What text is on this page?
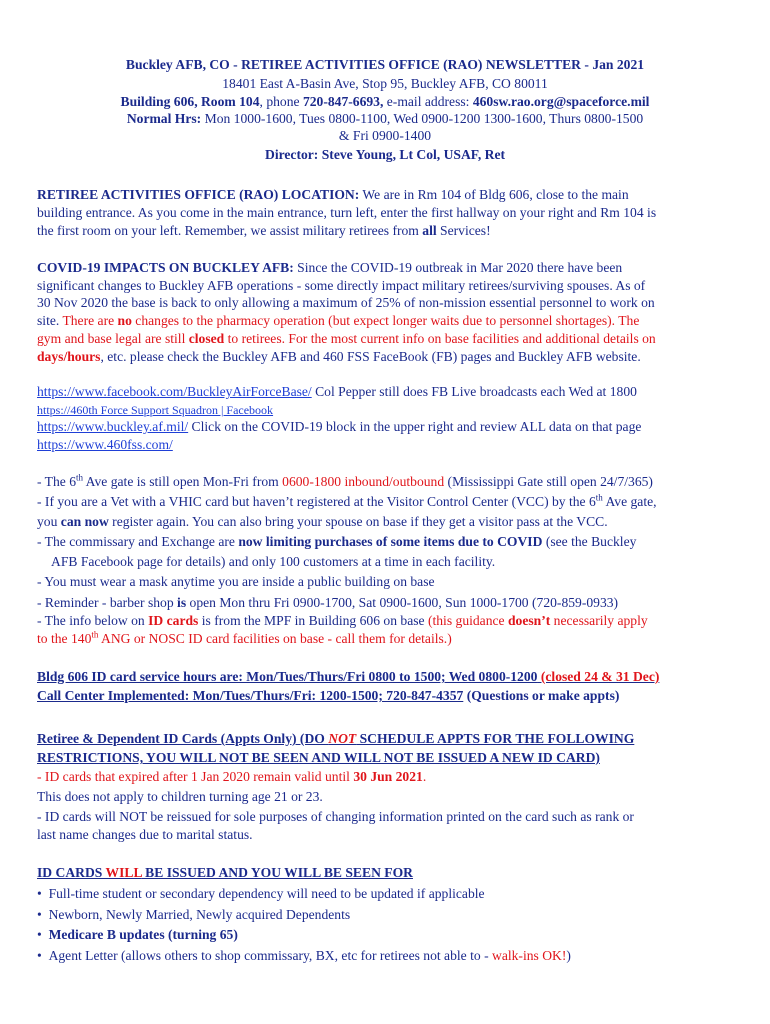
Buckley AFB, CO - RETIREE ACTIVITIES OFFICE (RAO) NEWSLETTER - Jan 2021
18401 East A-Basin Ave, Stop 95, Buckley AFB, CO 80011
Building 606, Room 104, phone 720-847-6693, e-mail address: 460sw.rao.org@spaceforce.mil
Normal Hrs: Mon 1000-1600, Tues 0800-1100, Wed 0900-1200 1300-1600, Thurs 0800-1500
& Fri 0900-1400
Director: Steve Young, Lt Col, USAF, Ret
RETIREE ACTIVITIES OFFICE (RAO) LOCATION: We are in Rm 104 of Bldg 606, close to the main
building entrance. As you come in the main entrance, turn left, enter the first hallway on your right and Rm 104 is
the first room on your left. Remember, we assist military retirees from all Services!
COVID-19 IMPACTS ON BUCKLEY AFB: Since the COVID-19 outbreak in Mar 2020 there have been
significant changes to Buckley AFB operations - some directly impact military retirees/surviving spouses. As of
30 Nov 2020 the base is back to only allowing a maximum of 25% of non-mission essential personnel to work on
site. There are no changes to the pharmacy operation (but expect longer waits due to personnel shortages). The
gym and base legal are still closed to retirees. For the most current info on base facilities and additional details on
days/hours, etc. please check the Buckley AFB and 460 FSS FaceBook (FB) pages and Buckley AFB website.
https://www.facebook.com/BuckleyAirForceBase/ Col Pepper still does FB Live broadcasts each Wed at 1800
https://460th Force Support Squadron | Facebook
https://www.buckley.af.mil/ Click on the COVID-19 block in the upper right and review ALL data on that page
https://www.460fss.com/
- The 6th Ave gate is still open Mon-Fri from 0600-1800 inbound/outbound (Mississippi Gate still open 24/7/365)
- If you are a Vet with a VHIC card but haven’t registered at the Visitor Control Center (VCC) by the 6th Ave gate,
you can now register again. You can also bring your spouse on base if they get a visitor pass at the VCC.
- The commissary and Exchange are now limiting purchases of some items due to COVID (see the Buckley
AFB Facebook page for details) and only 100 customers at a time in each facility.
- You must wear a mask anytime you are inside a public building on base
- Reminder - barber shop is open Mon thru Fri 0900-1700, Sat 0900-1600, Sun 1000-1700 (720-859-0933)
- The info below on ID cards is from the MPF in Building 606 on base (this guidance doesn’t necessarily apply
to the 140th ANG or NOSC ID card facilities on base - call them for details.)
Bldg 606 ID card service hours are: Mon/Tues/Thurs/Fri 0800 to 1500; Wed 0800-1200 (closed 24 & 31 Dec)
Call Center Implemented: Mon/Tues/Thurs/Fri: 1200-1500; 720-847-4357 (Questions or make appts)
Retiree & Dependent ID Cards (Appts Only) (DO NOT SCHEDULE APPTS FOR THE FOLLOWING
RESTRICTIONS, YOU WILL NOT BE SEEN AND WILL NOT BE ISSUED A NEW ID CARD)
- ID cards that expired after 1 Jan 2020 remain valid until 30 Jun 2021.
This does not apply to children turning age 21 or 23.
- ID cards will NOT be reissued for sole purposes of changing information printed on the card such as rank or
last name changes due to marital status.
ID CARDS WILL BE ISSUED AND YOU WILL BE SEEN FOR
• Full-time student or secondary dependency will need to be updated if applicable
• Newborn, Newly Married, Newly acquired Dependents
• Medicare B updates (turning 65)
• Agent Letter (allows others to shop commissary, BX, etc for retirees not able to - walk-ins OK!)
